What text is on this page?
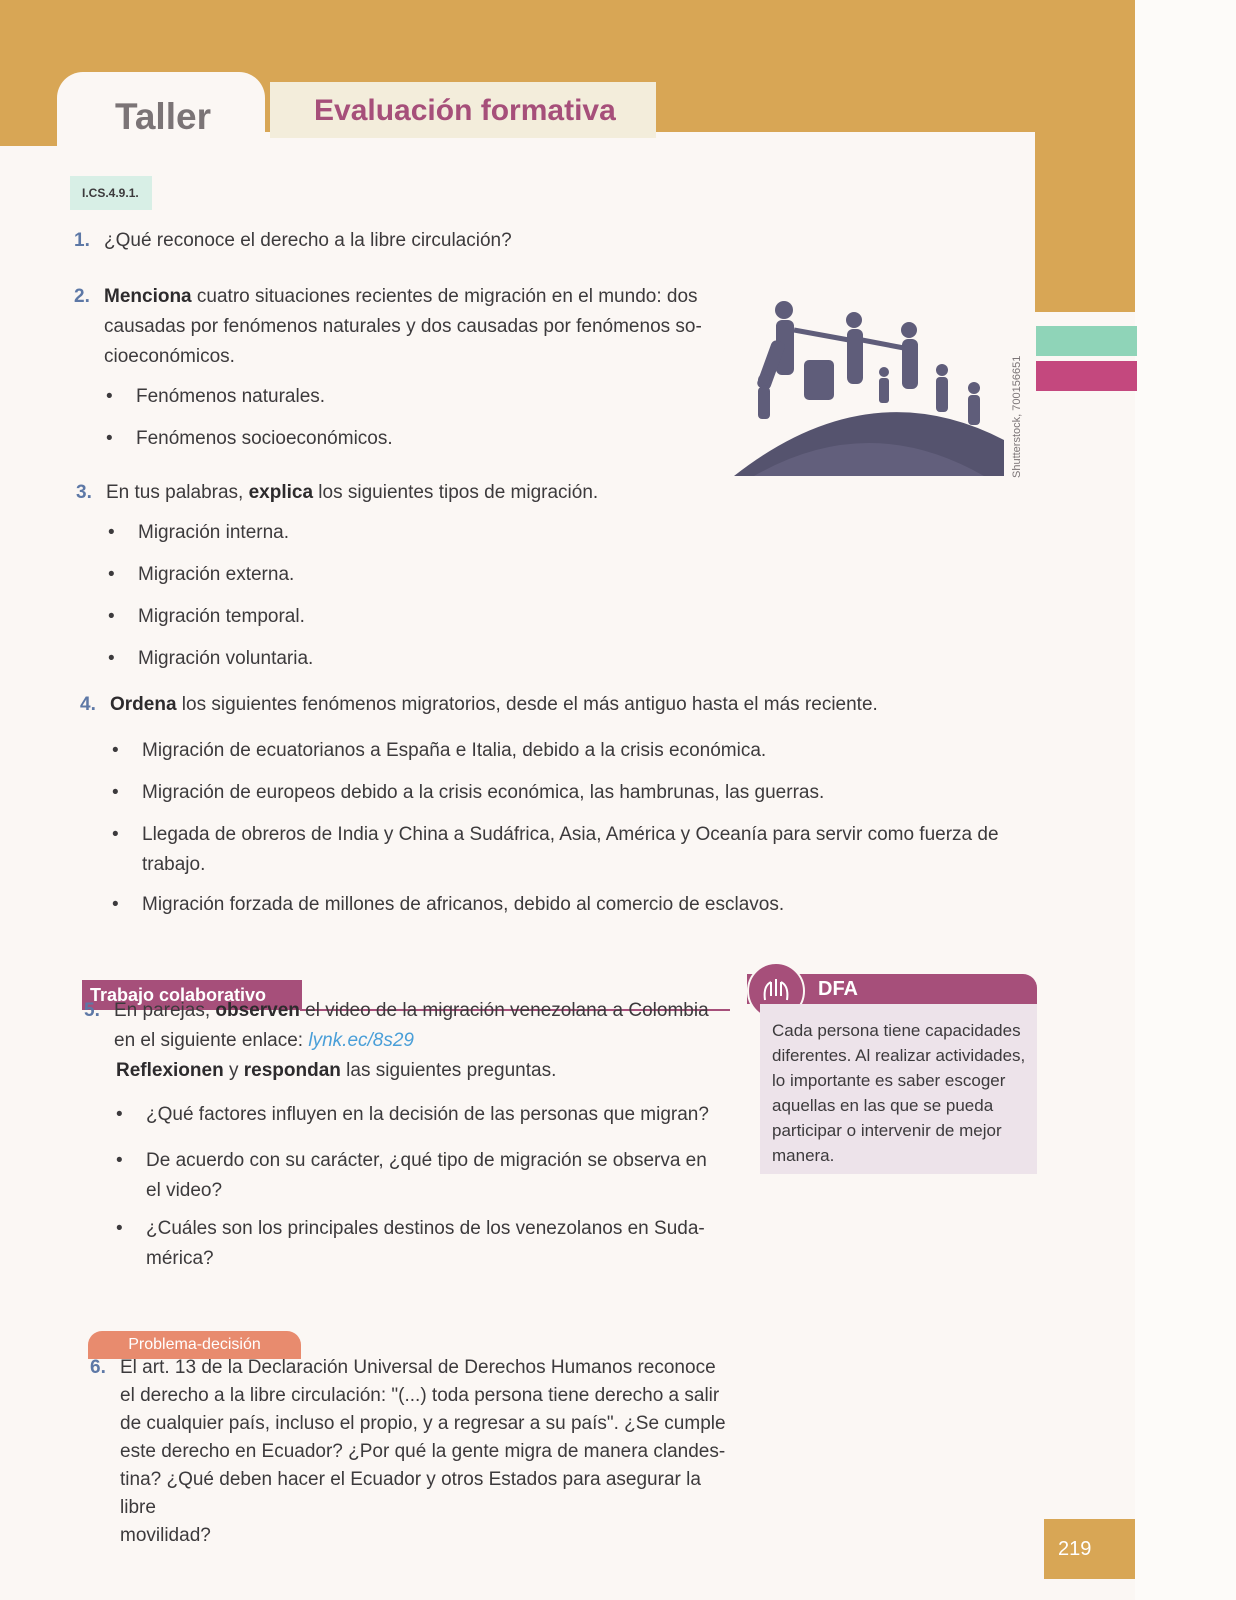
Taller	Evaluación formativa
I.CS.4.9.1.
1. ¿Qué reconoce el derecho a la libre circulación?
2. Menciona cuatro situaciones recientes de migración en el mundo: dos
causadas por fenómenos naturales y dos causadas por fenómenos so-
cioeconómicos.
• Fenómenos naturales.
• Fenómenos socioeconómicos.	Shutterstock, 700156651
3. En tus palabras, explica los siguientes tipos de migración.
• Migración interna.
• Migración externa.
• Migración temporal.
• Migración voluntaria.
4. Ordena los siguientes fenómenos migratorios, desde el más antiguo hasta el más reciente.
• Migración de ecuatorianos a España e Italia, debido a la crisis económica.
• Migración de europeos debido a la crisis económica, las hambrunas, las guerras.
• Llegada de obreros de India y China a Sudáfrica, Asia, América y Oceanía para servir como fuerza de
trabajo.
• Migración forzada de millones de africanos, debido al comercio de esclavos.
Trabajo colaborativo
5. En parejas, observen el video de la migración venezolana a Colombia
en el siguiente enlace: lynk.ec/8s29
Reflexionen y respondan las siguientes preguntas.
• ¿Qué factores influyen en la decisión de las personas que migran?
• De acuerdo con su carácter, ¿qué tipo de migración se observa en
el video?
• ¿Cuáles son los principales destinos de los venezolanos en Suda-
mérica?
DFA
Cada persona tiene capacidades diferentes. Al realizar actividades, lo importante es saber escoger aquellas en las que se pueda participar o intervenir de mejor manera.
Problema-decisión
6. El art. 13 de la Declaración Universal de Derechos Humanos reconoce
el derecho a la libre circulación: "(...) toda persona tiene derecho a salir
de cualquier país, incluso el propio, y a regresar a su país". ¿Se cumple
este derecho en Ecuador? ¿Por qué la gente migra de manera clandes-
tina? ¿Qué deben hacer el Ecuador y otros Estados para asegurar la libre
movilidad?
219
